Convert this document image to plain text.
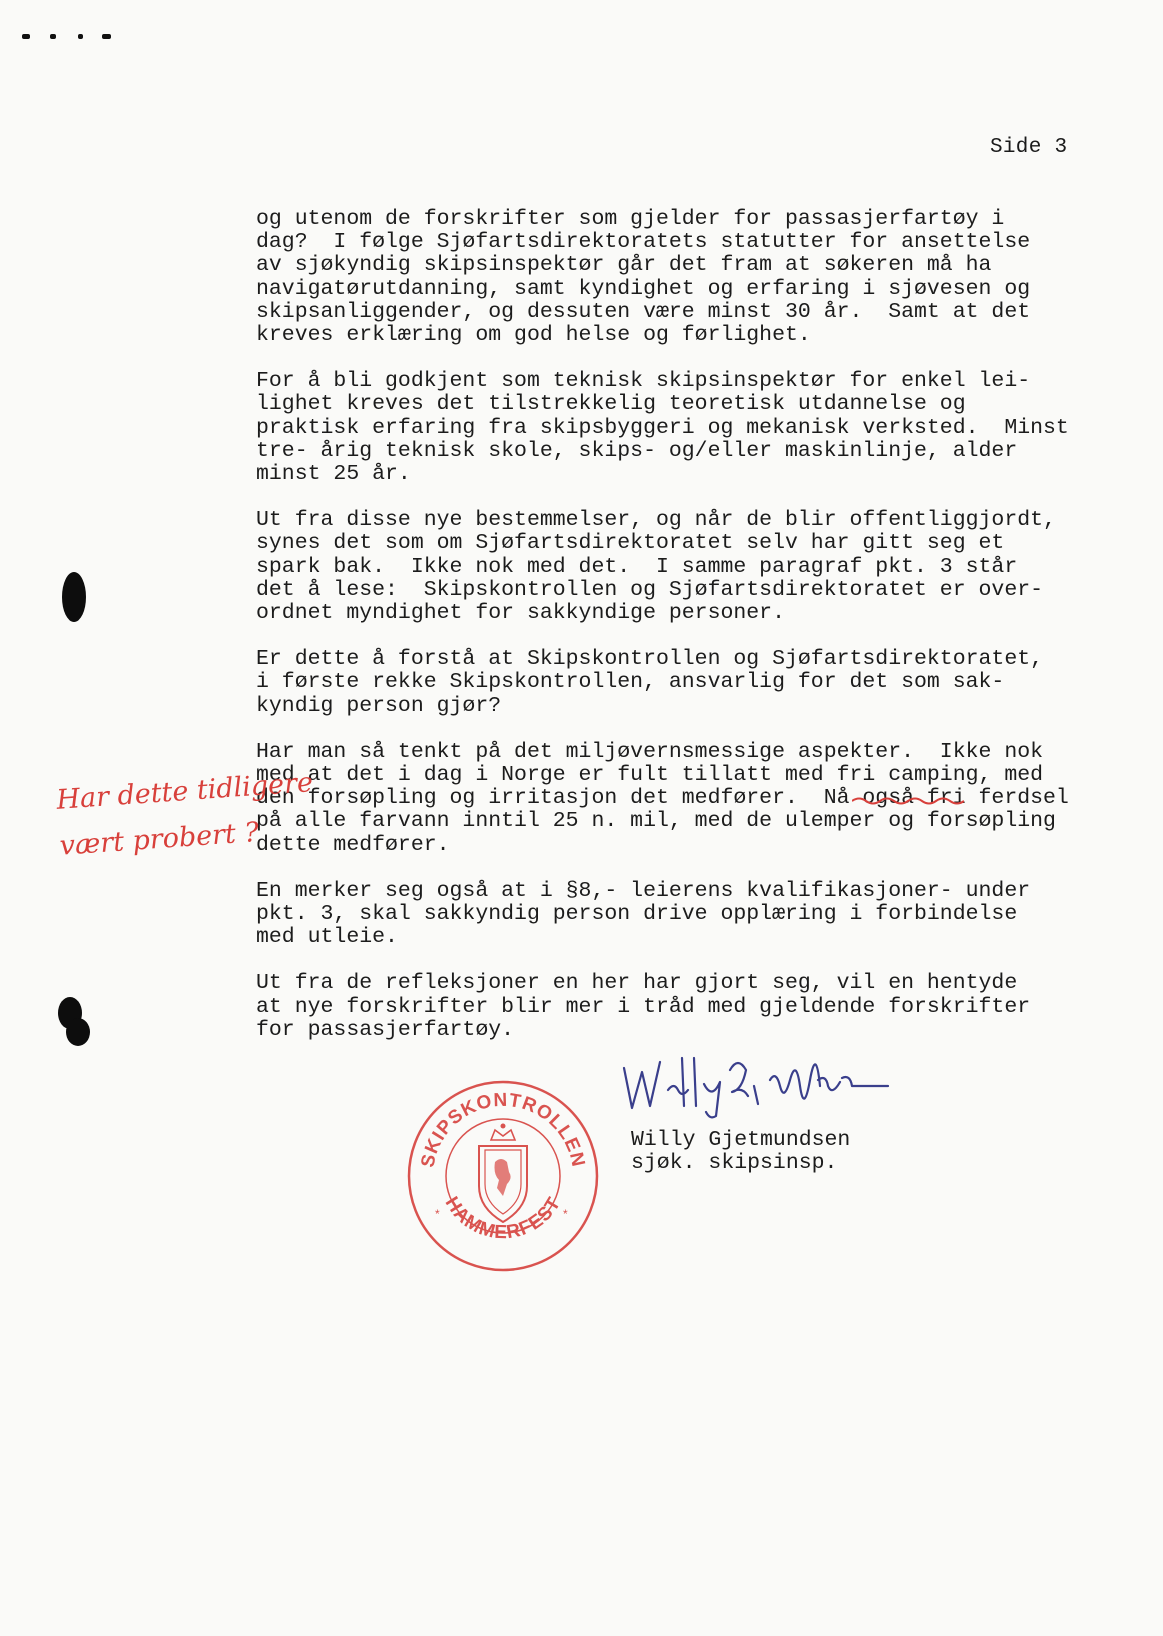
Side 3
og utenom de forskrifter som gjelder for passasjerfartøy i
dag?  I følge Sjøfartsdirektoratets statutter for ansettelse
av sjøkyndig skipsinspektør går det fram at søkeren må ha
navigatørutdanning, samt kyndighet og erfaring i sjøvesen og
skipsanliggender, og dessuten være minst 30 år.  Samt at det
kreves erklæring om god helse og førlighet.
For å bli godkjent som teknisk skipsinspektør for enkel lei-
lighet kreves det tilstrekkelig teoretisk utdannelse og
praktisk erfaring fra skipsbyggeri og mekanisk verksted.  Minst
tre- årig teknisk skole, skips- og/eller maskinlinje, alder
minst 25 år.
Ut fra disse nye bestemmelser, og når de blir offentliggjordt,
synes det som om Sjøfartsdirektoratet selv har gitt seg et
spark bak.  Ikke nok med det.  I samme paragraf pkt. 3 står
det å lese:  Skipskontrollen og Sjøfartsdirektoratet er over-
ordnet myndighet for sakkyndige personer.
Er dette å forstå at Skipskontrollen og Sjøfartsdirektoratet,
i første rekke Skipskontrollen, ansvarlig for det som sak-
kyndig person gjør?
Har man så tenkt på det miljøvernsmessige aspekter.  Ikke nok
med at det i dag i Norge er fult tillatt med fri camping, med
den forsøpling og irritasjon det medfører.  Nå også fri ferdsel
på alle farvann inntil 25 n. mil, med de ulemper og forsøpling
dette medfører.
En merker seg også at i §8,- leierens kvalifikasjoner- under
pkt. 3, skal sakkyndig person drive opplæring i forbindelse
med utleie.
Ut fra de refleksjoner en her har gjort seg, vil en hentyde
at nye forskrifter blir mer i tråd med gjeldende forskrifter
for passasjerfartøy.
Har dette tidligere
vært probert ?
Willy Gjetmundsen
sjøk. skipsinsp.
SKIPSKONTROLLEN
HAMMERFEST
*	*
